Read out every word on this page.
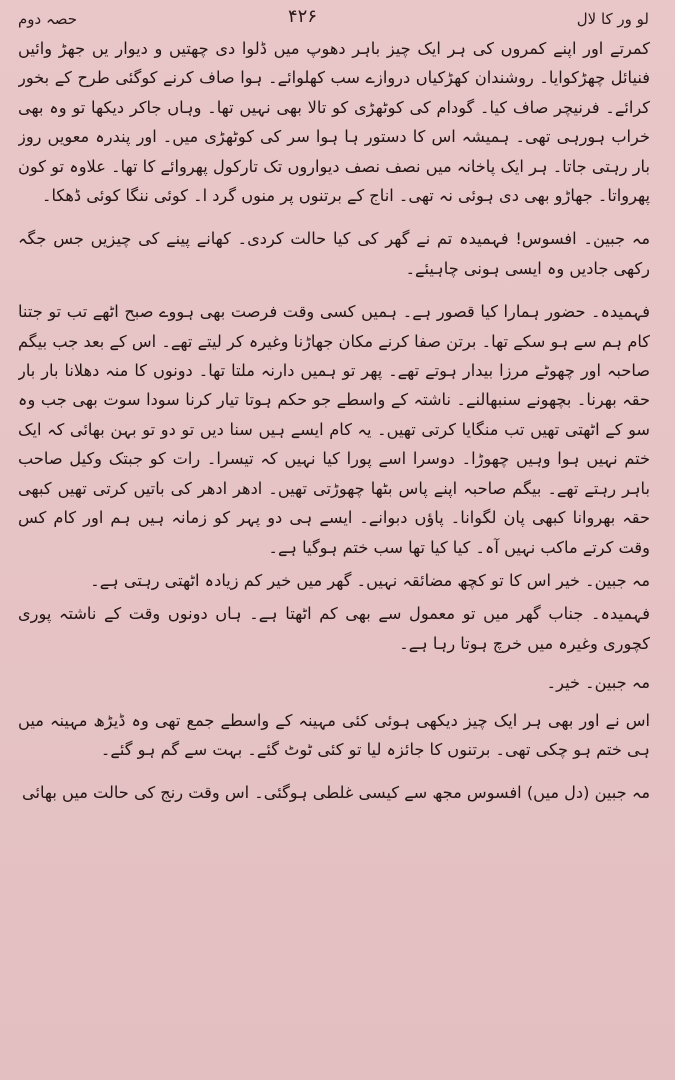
لو ور کا لال
۴۲۶
حصہ دوم

کمرتے اور اپنے کمروں کی ہر ایک چیز باہر دھوپ میں ڈلوا دی چھتیں و دیوار یں جھڑ وائیں فنیائل چھڑکوایا۔ روشندان کھڑکیاں دروازے سب کھلوائے۔ ہوا صاف کرنے کوگئی طرح کے بخور کرائے۔ فرنیچر صاف کیا۔ گودام کی کوٹھڑی کو تالا بھی نہیں تھا۔ وہاں جاکر دیکھا تو وہ بھی خراب ہورہی تھی۔ ہمیشہ اس کا دستور ہا ہوا سر کی کوٹھڑی میں۔ اور پندرہ معویں روز بار رہتی جاتا۔ ہر ایک پاخانہ میں نصف نصف دیواروں تک تارکول پھروائے کا تھا۔ علاوہ تو کون پھرواتا۔ جھاڑو بھی دی ہوئی نہ تھی۔ اناج کے برتنوں پر منوں گرد ا۔ کوئی ننگا کوئی ڈھکا۔

مہ جبین۔ افسوس! فہمیدہ تم نے گھر کی کیا حالت کردی۔ کھانے پینے کی چیزیں جس جگہ رکھی جادیں وہ ایسی ہونی چاہیئے۔

فہمیدہ۔ حضور ہمارا کیا قصور ہے۔ ہمیں کسی وقت فرصت بھی ہووے صبح اٹھے تب تو جتنا کام ہم سے ہو سکے تھا۔ برتن صفا کرنے مکان جھاڑنا وغیرہ کر لیتے تھے۔ اس کے بعد جب بیگم صاحبہ اور چھوٹے مرزا بیدار ہوتے تھے۔ پھر تو ہمیں دارنہ ملتا تھا۔ دونوں کا منہ دھلانا بار بار حقہ بھرنا۔ بچھونے سنبھالنے۔ ناشتہ کے واسطے جو حکم ہوتا تیار کرنا سودا سوت بھی جب وہ سو کے اٹھتی تھیں تب منگایا کرتی تھیں۔ یہ کام ایسے ہیں سنا دیں تو دو تو بہن بھائی کہ ایک ختم نہیں ہوا وہیں چھوڑا۔ دوسرا اسے پورا کیا نہیں کہ تیسرا۔ رات کو جبتک وکیل صاحب باہر رہتے تھے۔ بیگم صاحبہ اپنے پاس بٹھا چھوڑتی تھیں۔ ادھر ادھر کی باتیں کرتی تھیں کبھی حقہ بھروانا کبھی پان لگوانا۔ پاؤں دبوانے۔ ایسے ہی دو پہر کو زمانہ ہیں ہم اور کام کس وقت کرتے ماکب نہیں آہ۔ کیا کیا تھا سب ختم ہوگیا ہے۔

مہ جبین۔ خیر اس کا تو کچھ مضائقہ نہیں۔ گھر میں خیر کم زیادہ اٹھتی رہتی ہے۔

فہمیدہ۔ جناب گھر میں تو معمول سے بھی کم اٹھتا ہے۔ ہاں دونوں وقت کے ناشتہ پوری کچوری وغیرہ میں خرچ ہوتا رہا ہے۔

مہ جبین۔ خیر۔

اس نے اور بھی ہر ایک چیز دیکھی ہوئی کئی مہینہ کے واسطے جمع تھی وہ ڈیڑھ مہینہ میں ہی ختم ہو چکی تھی۔ برتنوں کا جائزہ لیا تو کئی ٹوٹ گئے۔ بہت سے گم ہو گئے۔

مہ جبین (دل میں) افسوس مجھ سے کیسی غلطی ہوگئی۔ اس وقت رنج کی حالت میں بھائی
